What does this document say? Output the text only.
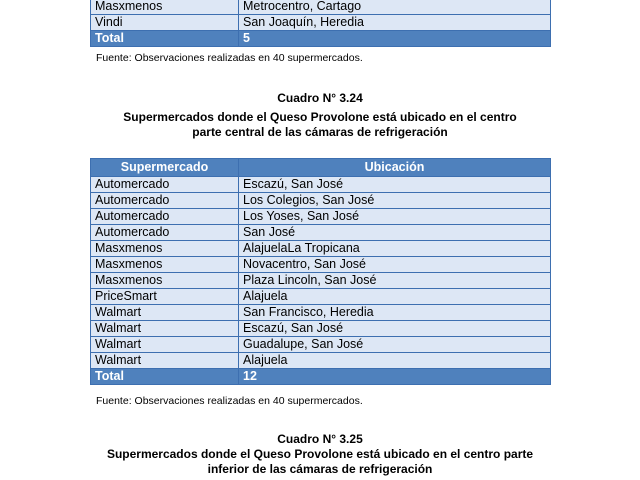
Masxmenos	Metrocentro, Cartago
Vindi	San Joaquín, Heredia
Total	5
Fuente: Observaciones realizadas en 40 supermercados.
Cuadro N° 3.24
Supermercados donde el Queso Provolone está ubicado en el centro
parte central de las cámaras de refrigeración
Supermercado	Ubicación
Automercado	Escazú, San José
Automercado	Los Colegios, San José
Automercado	Los Yoses, San José
Automercado	San José
Masxmenos	AlajuelaLa Tropicana
Masxmenos	Novacentro, San José
Masxmenos	Plaza Lincoln, San José
PriceSmart	Alajuela
Walmart	San Francisco, Heredia
Walmart	Escazú, San José
Walmart	Guadalupe, San José
Walmart	Alajuela
Total	12
Fuente: Observaciones realizadas en 40 supermercados.
Cuadro N° 3.25
Supermercados donde el Queso Provolone está ubicado en el centro parte
inferior de las cámaras de refrigeración
